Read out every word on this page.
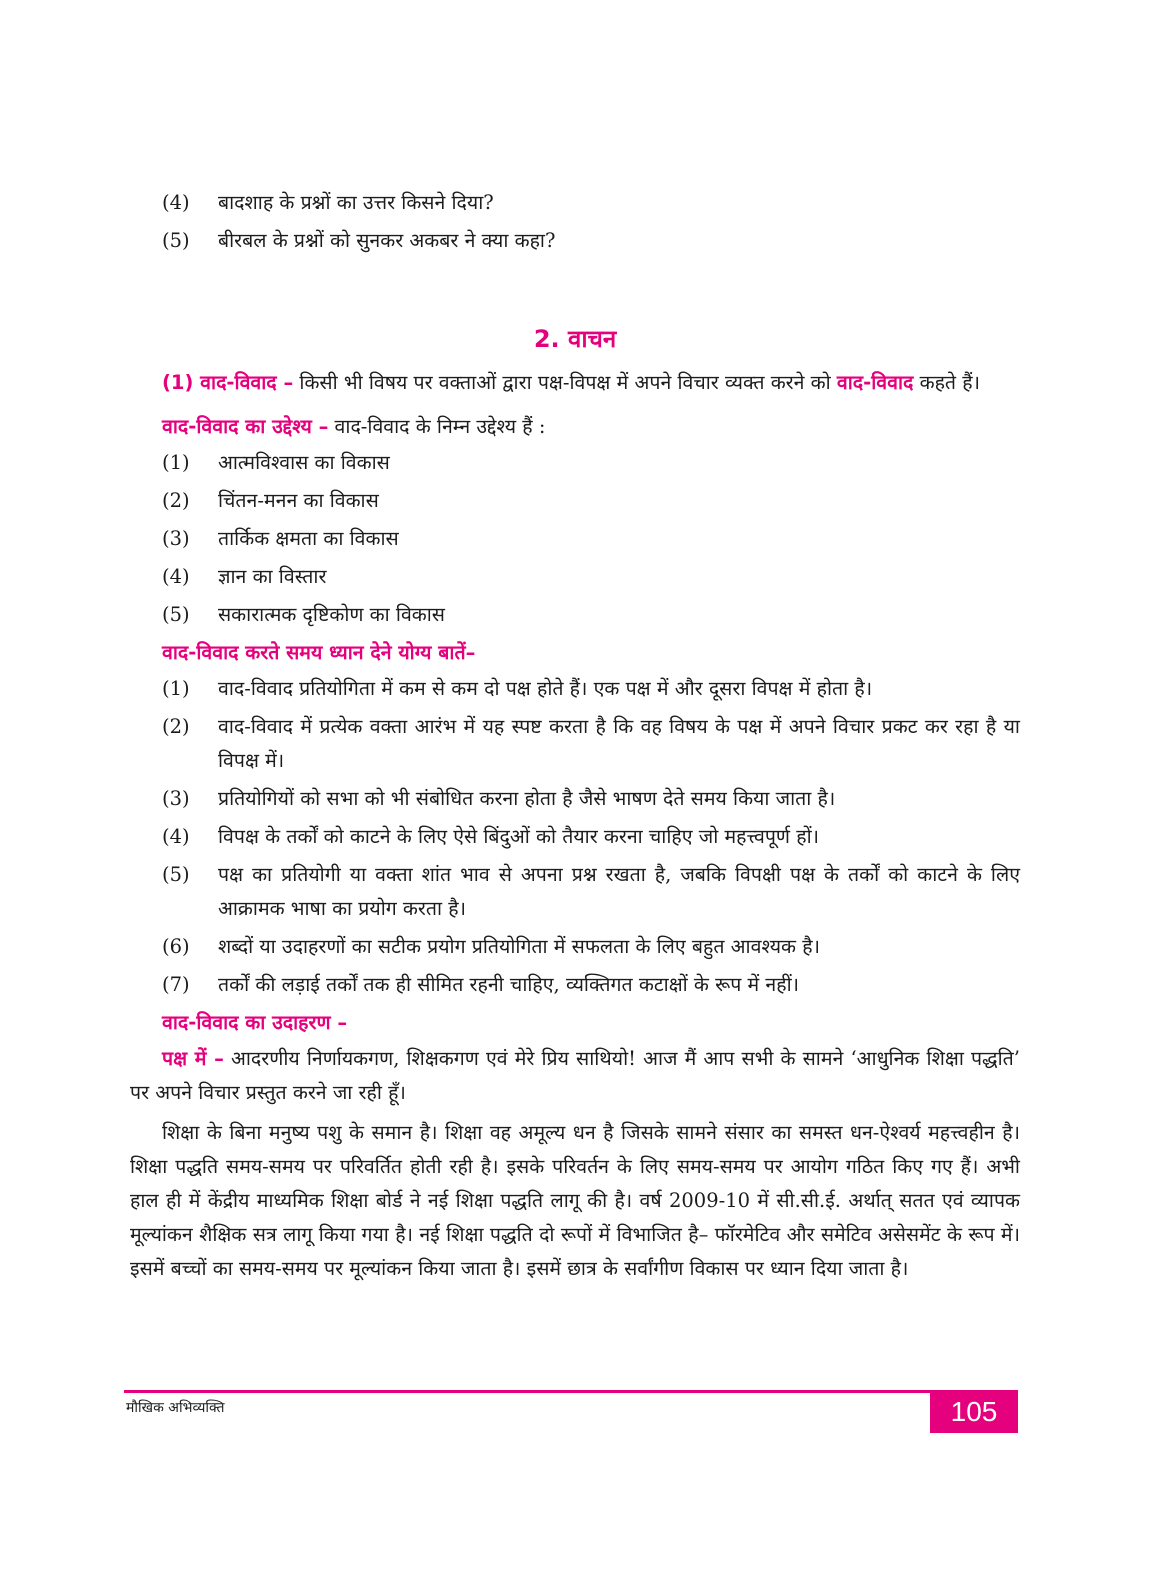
(4)	बादशाह के प्रश्नों का उत्तर किसने दिया?
(5)	बीरबल के प्रश्नों को सुनकर अकबर ने क्या कहा?
2. वाचन

(1) वाद-विवाद – किसी भी विषय पर वक्ताओं द्वारा पक्ष-विपक्ष में अपने विचार व्यक्त करने को वाद-विवाद कहते हैं।

वाद-विवाद का उद्देश्य – वाद-विवाद के निम्न उद्देश्य हैं :

(1)	आत्मविश्वास का विकास
(2)	चिंतन-मनन का विकास
(3)	तार्किक क्षमता का विकास
(4)	ज्ञान का विस्तार
(5)	सकारात्मक दृष्टिकोण का विकास

वाद-विवाद करते समय ध्यान देने योग्य बातें–

(1)	वाद-विवाद प्रतियोगिता में कम से कम दो पक्ष होते हैं। एक पक्ष में और दूसरा विपक्ष में होता है।
(2)	वाद-विवाद में प्रत्येक वक्ता आरंभ में यह स्पष्ट करता है कि वह विषय के पक्ष में अपने विचार प्रकट कर रहा है या विपक्ष में।
(3)	प्रतियोगियों को सभा को भी संबोधित करना होता है जैसे भाषण देते समय किया जाता है।
(4)	विपक्ष के तर्कों को काटने के लिए ऐसे बिंदुओं को तैयार करना चाहिए जो महत्त्वपूर्ण हों।
(5)	पक्ष का प्रतियोगी या वक्ता शांत भाव से अपना प्रश्न रखता है, जबकि विपक्षी पक्ष के तर्कों को काटने के लिए आक्रामक भाषा का प्रयोग करता है।
(6)	शब्दों या उदाहरणों का सटीक प्रयोग प्रतियोगिता में सफलता के लिए बहुत आवश्यक है।
(7)	तर्कों की लड़ाई तर्कों तक ही सीमित रहनी चाहिए, व्यक्तिगत कटाक्षों के रूप में नहीं।

वाद-विवाद का उदाहरण –

पक्ष में – आदरणीय निर्णायकगण, शिक्षकगण एवं मेरे प्रिय साथियो! आज मैं आप सभी के सामने ‘आधुनिक शिक्षा पद्धति’ पर अपने विचार प्रस्तुत करने जा रही हूँ।

शिक्षा के बिना मनुष्य पशु के समान है। शिक्षा वह अमूल्य धन है जिसके सामने संसार का समस्त धन-ऐश्वर्य महत्त्वहीन है। शिक्षा पद्धति समय-समय पर परिवर्तित होती रही है। इसके परिवर्तन के लिए समय-समय पर आयोग गठित किए गए हैं। अभी हाल ही में केंद्रीय माध्यमिक शिक्षा बोर्ड ने नई शिक्षा पद्धति लागू की है। वर्ष 2009-10 में सी.सी.ई. अर्थात् सतत एवं व्यापक मूल्यांकन शैक्षिक सत्र लागू किया गया है। नई शिक्षा पद्धति दो रूपों में विभाजित है– फॉरमेटिव और समेटिव असेसमेंट के रूप में। इसमें बच्चों का समय-समय पर मूल्यांकन किया जाता है। इसमें छात्र के सर्वांगीण विकास पर ध्यान दिया जाता है।

मौखिक अभिव्यक्ति	105
